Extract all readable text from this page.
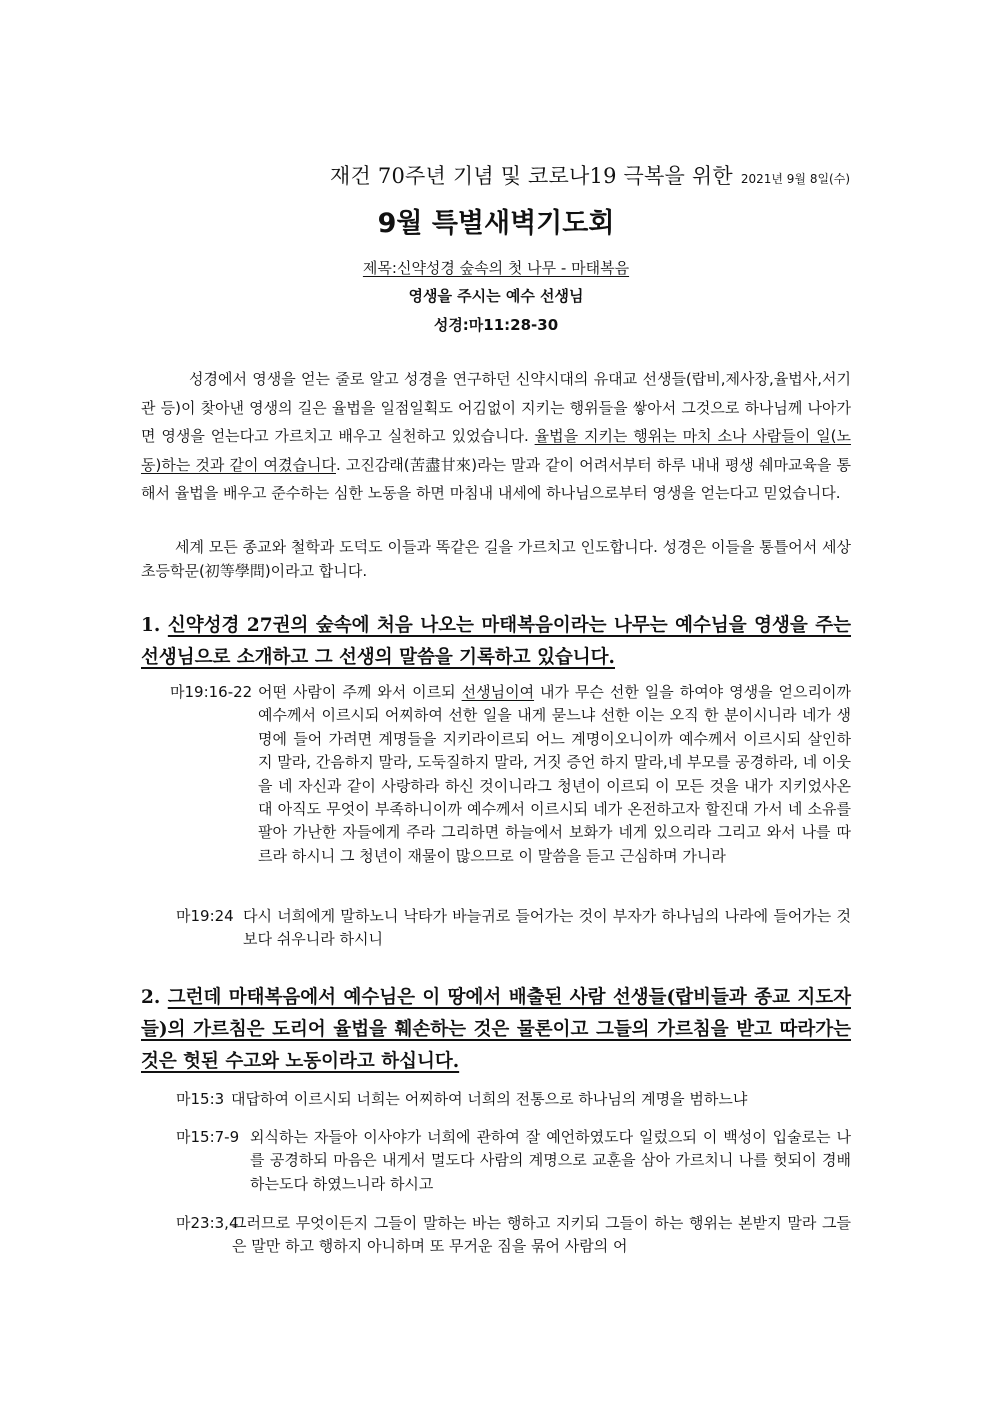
재건 70주년 기념 및 코로나19 극복을 위한 2021년 9월 8일(수)
9월 특별새벽기도회
제목:신약성경 숲속의 첫 나무 - 마태복음
영생을 주시는 예수 선생님
성경:마11:28-30

성경에서 영생을 얻는 줄로 알고 성경을 연구하던 신약시대의 유대교 선생들(랍비,제사장,율법사,서기관 등)이 찾아낸 영생의 길은 율법을 일점일획도 어김없이 지키는 행위들을 쌓아서 그것으로 하나님께 나아가면 영생을 얻는다고 가르치고 배우고 실천하고 있었습니다. 율법을 지키는 행위는 마치 소나 사람들이 일(노동)하는 것과 같이 여겼습니다. 고진감래(苦盡甘來)라는 말과 같이 어려서부터 하루 내내 평생 쉐마교육을 통해서 율법을 배우고 준수하는 심한 노동을 하면 마침내 내세에 하나님으로부터 영생을 얻는다고 믿었습니다.

세계 모든 종교와 철학과 도덕도 이들과 똑같은 길을 가르치고 인도합니다. 성경은 이들을 통틀어서 세상 초등학문(初等學問)이라고 합니다.

1. 신약성경 27권의 숲속에 처음 나오는 마태복음이라는 나무는 예수님을 영생을 주는 선생님으로 소개하고 그 선생의 말씀을 기록하고 있습니다.

마19:16-22 어떤 사람이 주께 와서 이르되 선생님이여 내가 무슨 선한 일을 하여야 영생을 얻으리이까 예수께서 이르시되 어찌하여 선한 일을 내게 묻느냐 선한 이는 오직 한 분이시니라 네가 생명에 들어 가려면 계명들을 지키라이르되 어느 계명이오니이까 예수께서 이르시되 살인하지 말라, 간음하지 말라, 도둑질하지 말라, 거짓 증언 하지 말라,네 부모를 공경하라, 네 이웃을 네 자신과 같이 사랑하라 하신 것이니라그 청년이 이르되 이 모든 것을 내가 지키었사온대 아직도 무엇이 부족하니이까 예수께서 이르시되 네가 온전하고자 할진대 가서 네 소유를 팔아 가난한 자들에게 주라 그리하면 하늘에서 보화가 네게 있으리라 그리고 와서 나를 따르라 하시니 그 청년이 재물이 많으므로 이 말씀을 듣고 근심하며 가니라
마19:24 다시 너희에게 말하노니 낙타가 바늘귀로 들어가는 것이 부자가 하나님의 나라에 들어가는 것보다 쉬우니라 하시니

2. 그런데 마태복음에서 예수님은 이 땅에서 배출된 사람 선생들(랍비들과 종교 지도자들)의 가르침은 도리어 율법을 훼손하는 것은 물론이고 그들의 가르침을 받고 따라가는 것은 헛된 수고와 노동이라고 하십니다.

마15:3 대답하여 이르시되 너희는 어찌하여 너희의 전통으로 하나님의 계명을 범하느냐
마15:7-9 외식하는 자들아 이사야가 너희에 관하여 잘 예언하였도다 일렀으되 이 백성이 입술로는 나를 공경하되 마음은 내게서 멀도다 사람의 계명으로 교훈을 삼아 가르치니 나를 헛되이 경배하는도다 하였느니라 하시고
마23:3,4
그러므로 무엇이든지 그들이 말하는 바는 행하고 지키되 그들이 하는 행위는 본받지 말라 그들은 말만 하고 행하지 아니하며 또 무거운 짐을 묶어 사람의 어
